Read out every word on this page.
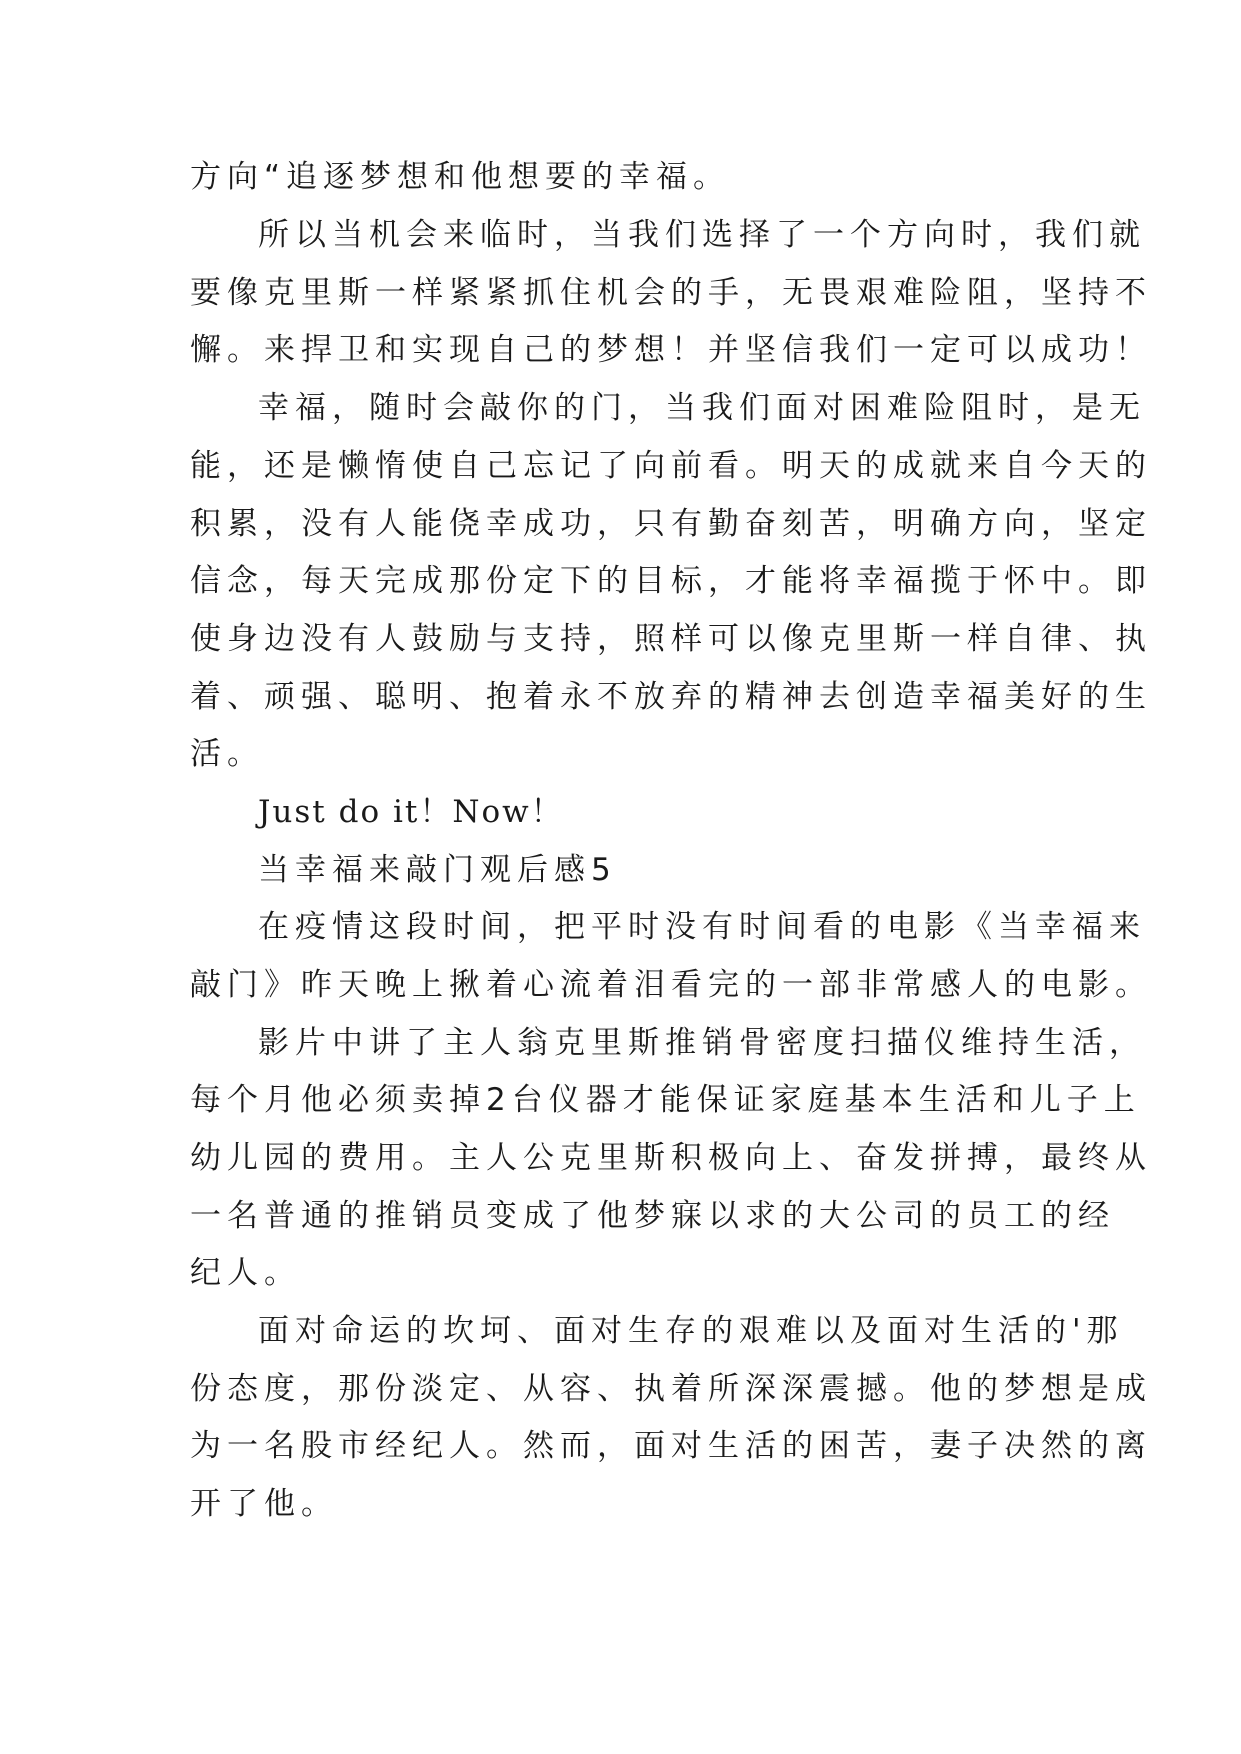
方向“追逐梦想和他想要的幸福。
所以当机会来临时，当我们选择了一个方向时，我们就
要像克里斯一样紧紧抓住机会的手，无畏艰难险阻，坚持不
懈。来捍卫和实现自己的梦想！并坚信我们一定可以成功！
幸福，随时会敲你的门，当我们面对困难险阻时，是无
能，还是懒惰使自己忘记了向前看。明天的成就来自今天的
积累，没有人能侥幸成功，只有勤奋刻苦，明确方向，坚定
信念，每天完成那份定下的目标，才能将幸福揽于怀中。即
使身边没有人鼓励与支持，照样可以像克里斯一样自律、执
着、顽强、聪明、抱着永不放弃的精神去创造幸福美好的生
活。
Just do it！Now！
当幸福来敲门观后感5
在疫情这段时间，把平时没有时间看的电影《当幸福来
敲门》昨天晚上揪着心流着泪看完的一部非常感人的电影。
影片中讲了主人翁克里斯推销骨密度扫描仪维持生活，
每个月他必须卖掉2台仪器才能保证家庭基本生活和儿子上
幼儿园的费用。主人公克里斯积极向上、奋发拼搏，最终从
一名普通的推销员变成了他梦寐以求的大公司的员工的经
纪人。
面对命运的坎坷、面对生存的艰难以及面对生活的'那
份态度，那份淡定、从容、执着所深深震撼。他的梦想是成
为一名股市经纪人。然而，面对生活的困苦，妻子决然的离
开了他。
